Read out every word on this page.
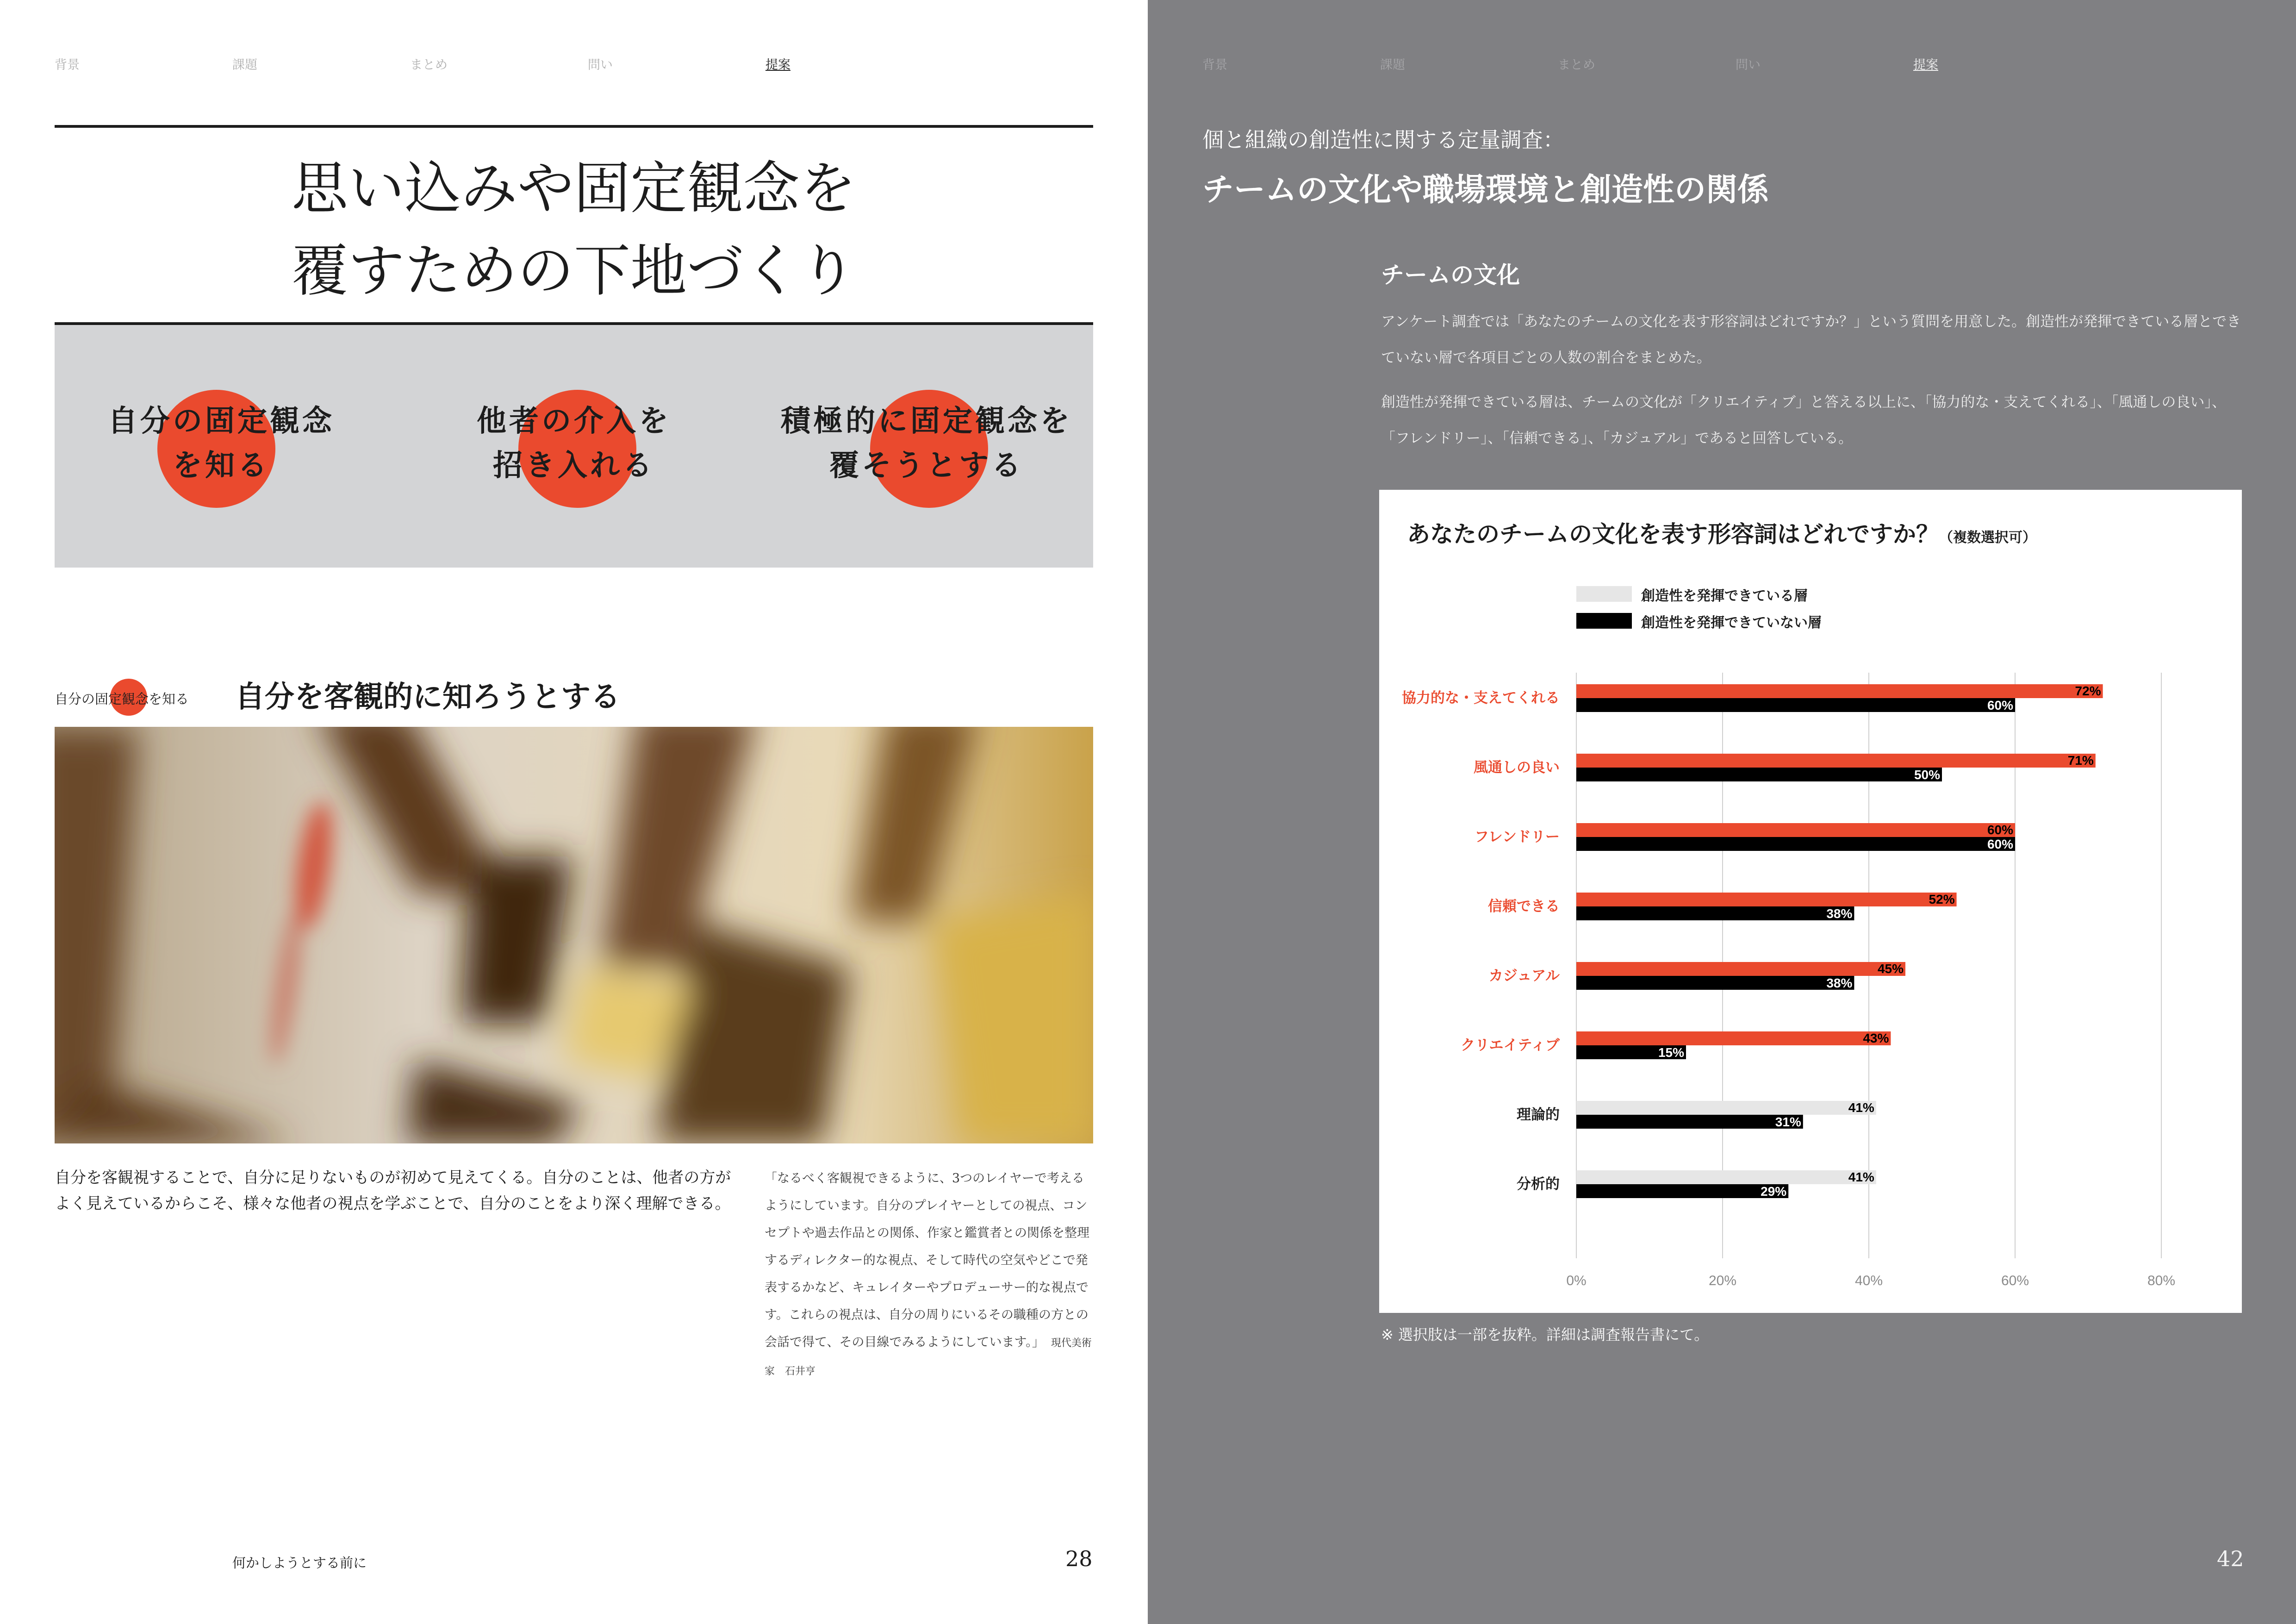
背景	課題	まとめ	問い	提案
思い込みや固定観念を
覆すための下地づくり
自分の固定観念
を知る
他者の介入を
招き入れる
積極的に固定観念を
覆そうとする
自分の固定観念を知る 自分を客観的に知ろうとする
自分を客観視することで、自分に足りないものが初めて見えてくる。自分のことは、他者の方がよく見えているからこそ、様々な他者の視点を学ぶことで、自分のことをより深く理解できる。
「なるべく客観視できるように、3つのレイヤーで考えるようにしています。自分のプレイヤーとしての視点、コンセプトや過去作品との関係、作家と鑑賞者との関係を整理するディレクター的な視点、そして時代の空気やどこで発表するかなど、キュレイターやプロデューサー的な視点です。これらの視点は、自分の周りにいるその職種の方との会話で得て、その目線でみるようにしています。」 現代美術家　石井亨
何かしようとする前に	28
背景	課題	まとめ	問い	提案
42
個と組織の創造性に関する定量調査：
チームの文化や職場環境と創造性の関係
チームの文化
アンケート調査では「あなたのチームの文化を表す形容詞はどれですか？」という質問を用意した。創造性が発揮できている層とできていない層で各項目ごとの人数の割合をまとめた。
創造性が発揮できている層は、チームの文化が「クリエイティブ」と答える以上に、「協力的な・支えてくれる」、「風通しの良い」、「フレンドリー」、「信頼できる」、「カジュアル」であると回答している。
0%	20%	40%	60%	80%
協力的な・支えてくれる	72%
60%
風通しの良い	71%
50%
フレンドリー	60%
60%
信頼できる	52%
38%
カジュアル	45%
38%
クリエイティブ	43%
15%
理論的	41%
31%
分析的	41%
29%
あなたのチームの文化を表す形容詞はどれですか？（複数選択可）
創造性を発揮できている層
創造性を発揮できていない層
※ 選択肢は一部を抜粋。詳細は調査報告書にて。
